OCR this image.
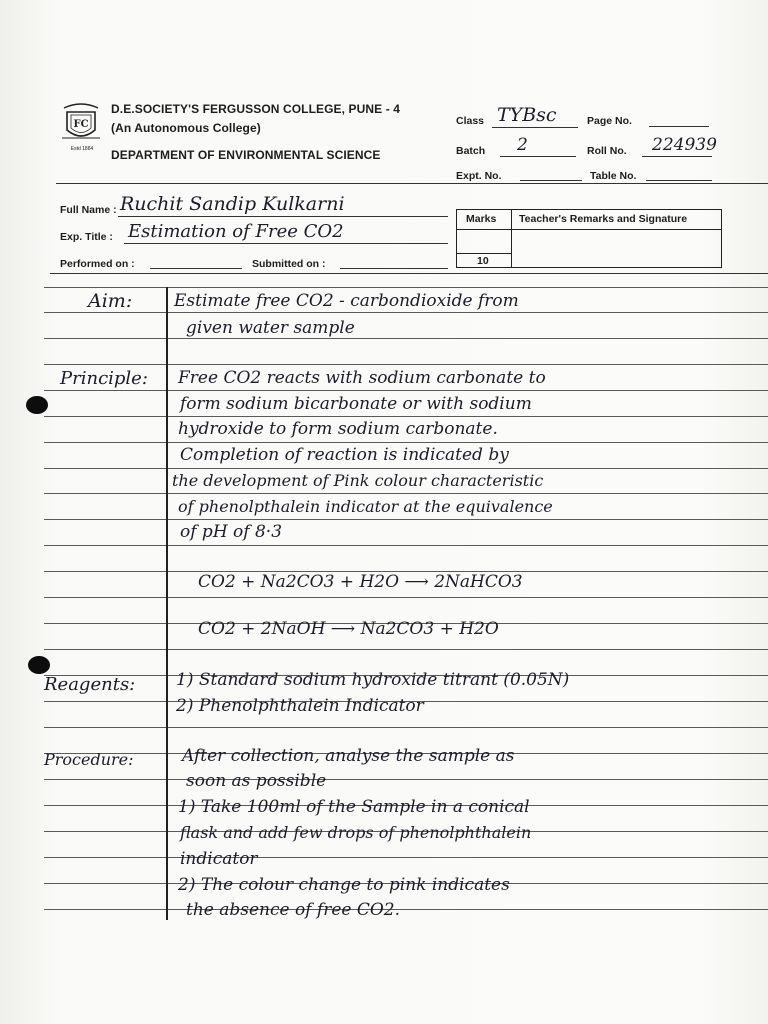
FC
Estd 1884
D.E.SOCIETY'S FERGUSSON COLLEGE, PUNE - 4
(An Autonomous College)
DEPARTMENT OF ENVIRONMENTAL SCIENCE
Class TYBsc	Page No.
Batch 2	Roll No. 224939
Expt. No.	Table No.
Full Name : Ruchit Sandip Kulkarni
Exp. Title : Estimation of Free CO2
Performed on :	Submitted on :
Marks Teacher's Remarks and Signature
10
Aim: Estimate free CO2 - carbondioxide from
given water sample
Principle: Free CO2 reacts with sodium carbonate to
form sodium bicarbonate or with sodium
hydroxide to form sodium carbonate.
Completion of reaction is indicated by
the development of Pink colour characteristic
of phenolpthalein indicator at the equivalence
of pH of 8·3
CO2 + Na2CO3 + H2O ⟶ 2NaHCO3
CO2 + 2NaOH ⟶ Na2CO3 + H2O
Reagents: 1) Standard sodium hydroxide titrant (0.05N)
2) Phenolphthalein Indicator
Procedure:	After collection, analyse the sample as
soon as possible
1) Take 100ml of the Sample in a conical
flask and add few drops of phenolphthalein
indicator
2) The colour change to pink indicates
the absence of free CO2.
